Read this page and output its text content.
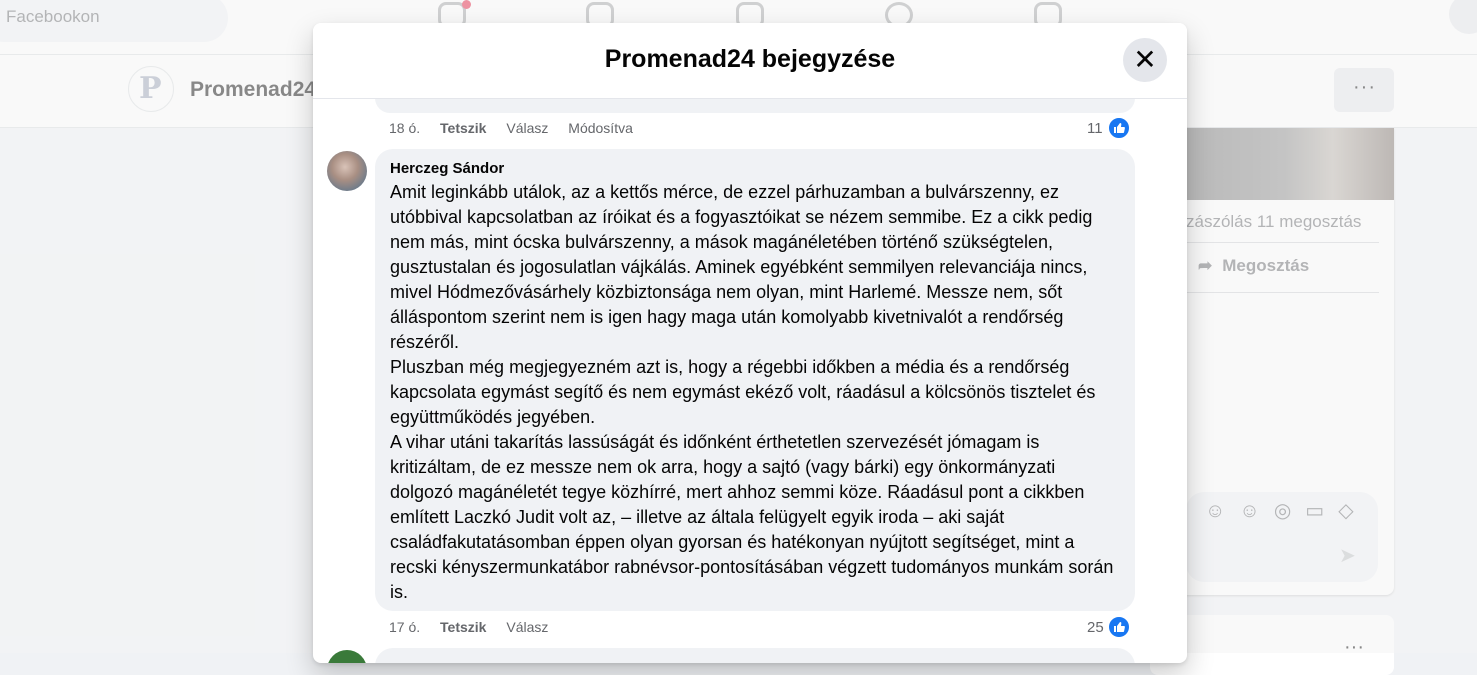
Promenad24 bejegyzése	✕
18 ó. Tetszik Válasz Módosítva	11
Herczeg Sándor

Amit leginkább utálok, az a kettős mérce, de ezzel párhuzamban a bulvárszenny, ez utóbbival kapcsolatban az íróikat és a fogyasztóikat se nézem semmibe. Ez a cikk pedig nem más, mint ócska bulvárszenny, a mások magánéletében történő szükségtelen, gusztustalan és jogosulatlan vájkálás. Aminek egyébként semmilyen relevanciája nincs, mivel Hódmezővásárhely közbiztonsága nem olyan, mint Harlemé. Messze nem, sőt álláspontom szerint nem is igen hagy maga után komolyabb kivetnivalót a rendőrség részéről.

Pluszban még megjegyezném azt is, hogy a régebbi időkben a média és a rendőrség kapcsolata egymást segítő és nem egymást ekéző volt, ráadásul a kölcsönös tisztelet és együttműködés jegyében.

A vihar utáni takarítás lassúságát és időnként érthetetlen szervezését jómagam is kritizáltam, de ez messze nem ok arra, hogy a sajtó (vagy bárki) egy önkormányzati dolgozó magánéletét tegye közhírré, mert ahhoz semmi köze. Ráadásul pont a cikkben említett Laczkó Judit volt az, – illetve az általa felügyelt egyik iroda – aki saját családfakutatásomban éppen olyan gyorsan és hatékonyan nyújtott segítséget, mint a recski kényszermunkatábor rabnévsor-pontosításában végzett tudományos munkám során is.

17 ó. Tetszik Válasz	25
